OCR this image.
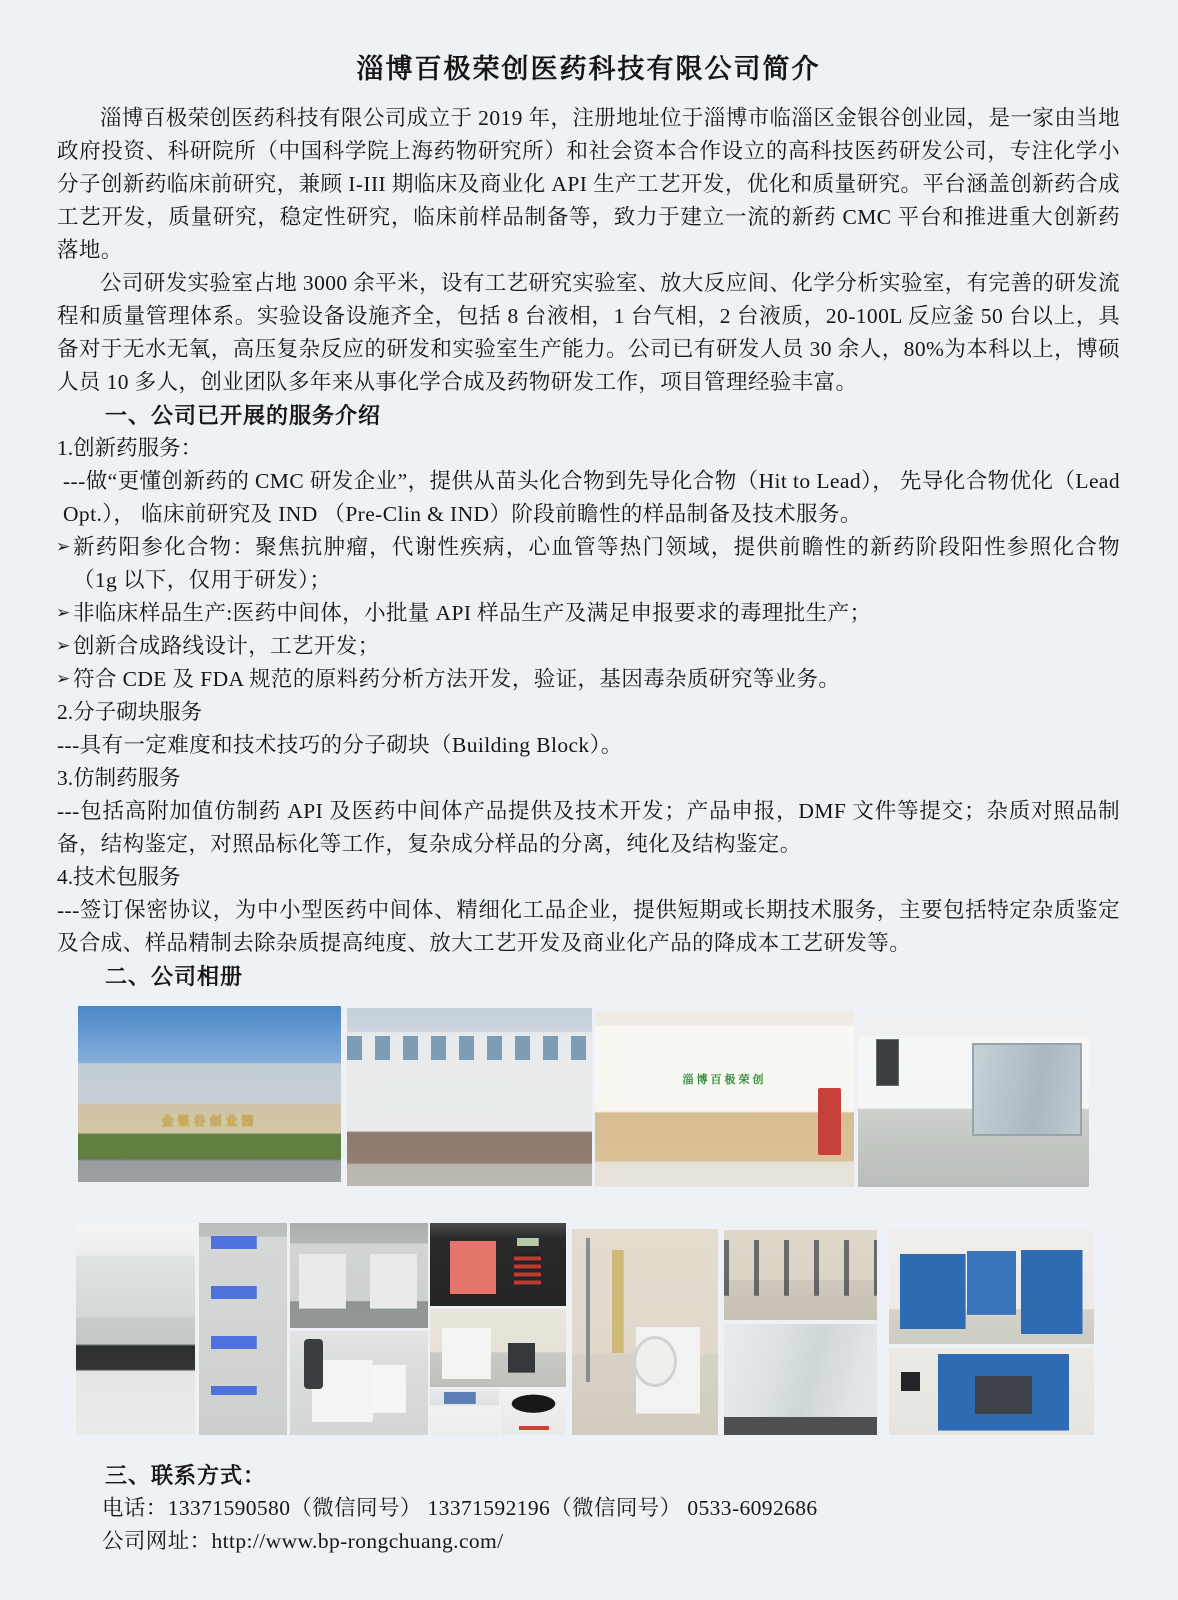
淄博百极荣创医药科技有限公司简介

淄博百极荣创医药科技有限公司成立于 2019 年，注册地址位于淄博市临淄区金银谷创业园，是一家由当地政府投资、科研院所（中国科学院上海药物研究所）和社会资本合作设立的高科技医药研发公司，专注化学小分子创新药临床前研究，兼顾 I-III 期临床及商业化 API 生产工艺开发，优化和质量研究。平台涵盖创新药合成工艺开发，质量研究，稳定性研究，临床前样品制备等，致力于建立一流的新药 CMC 平台和推进重大创新药落地。

公司研发实验室占地 3000 余平米，设有工艺研究实验室、放大反应间、化学分析实验室，有完善的研发流程和质量管理体系。实验设备设施齐全，包括 8 台液相，1 台气相，2 台液质，20-100L 反应釜 50 台以上，具备对于无水无氧，高压复杂反应的研发和实验室生产能力。公司已有研发人员 30 余人，80%为本科以上，博硕人员 10 多人，创业团队多年来从事化学合成及药物研发工作，项目管理经验丰富。

一、公司已开展的服务介绍

1.创新药服务：

---做“更懂创新药的 CMC 研发企业”，提供从苗头化合物到先导化合物（Hit to Lead）， 先导化合物优化（Lead Opt.）， 临床前研究及 IND （Pre-Clin & IND）阶段前瞻性的样品制备及技术服务。

➢ 新药阳参化合物：聚焦抗肿瘤，代谢性疾病，心血管等热门领域，提供前瞻性的新药阶段阳性参照化合物（1g 以下，仅用于研发）；
➢ 非临床样品生产:医药中间体，小批量 API 样品生产及满足申报要求的毒理批生产；
➢ 创新合成路线设计，工艺开发；
➢ 符合 CDE 及 FDA 规范的原料药分析方法开发，验证，基因毒杂质研究等业务。

2.分子砌块服务

---具有一定难度和技术技巧的分子砌块（Building Block）。

3.仿制药服务

---包括高附加值仿制药 API 及医药中间体产品提供及技术开发；产品申报，DMF 文件等提交；杂质对照品制备，结构鉴定，对照品标化等工作，复杂成分样品的分离，纯化及结构鉴定。

4.技术包服务

---签订保密协议，为中小型医药中间体、精细化工品企业，提供短期或长期技术服务，主要包括特定杂质鉴定及合成、样品精制去除杂质提高纯度、放大工艺开发及商业化产品的降成本工艺研发等。

二、公司相册
金银谷创业园
淄博百极荣创
三、联系方式：

电话：13371590580（微信同号） 13371592196（微信同号） 0533-6092686

公司网址：http://www.bp-rongchuang.com/
